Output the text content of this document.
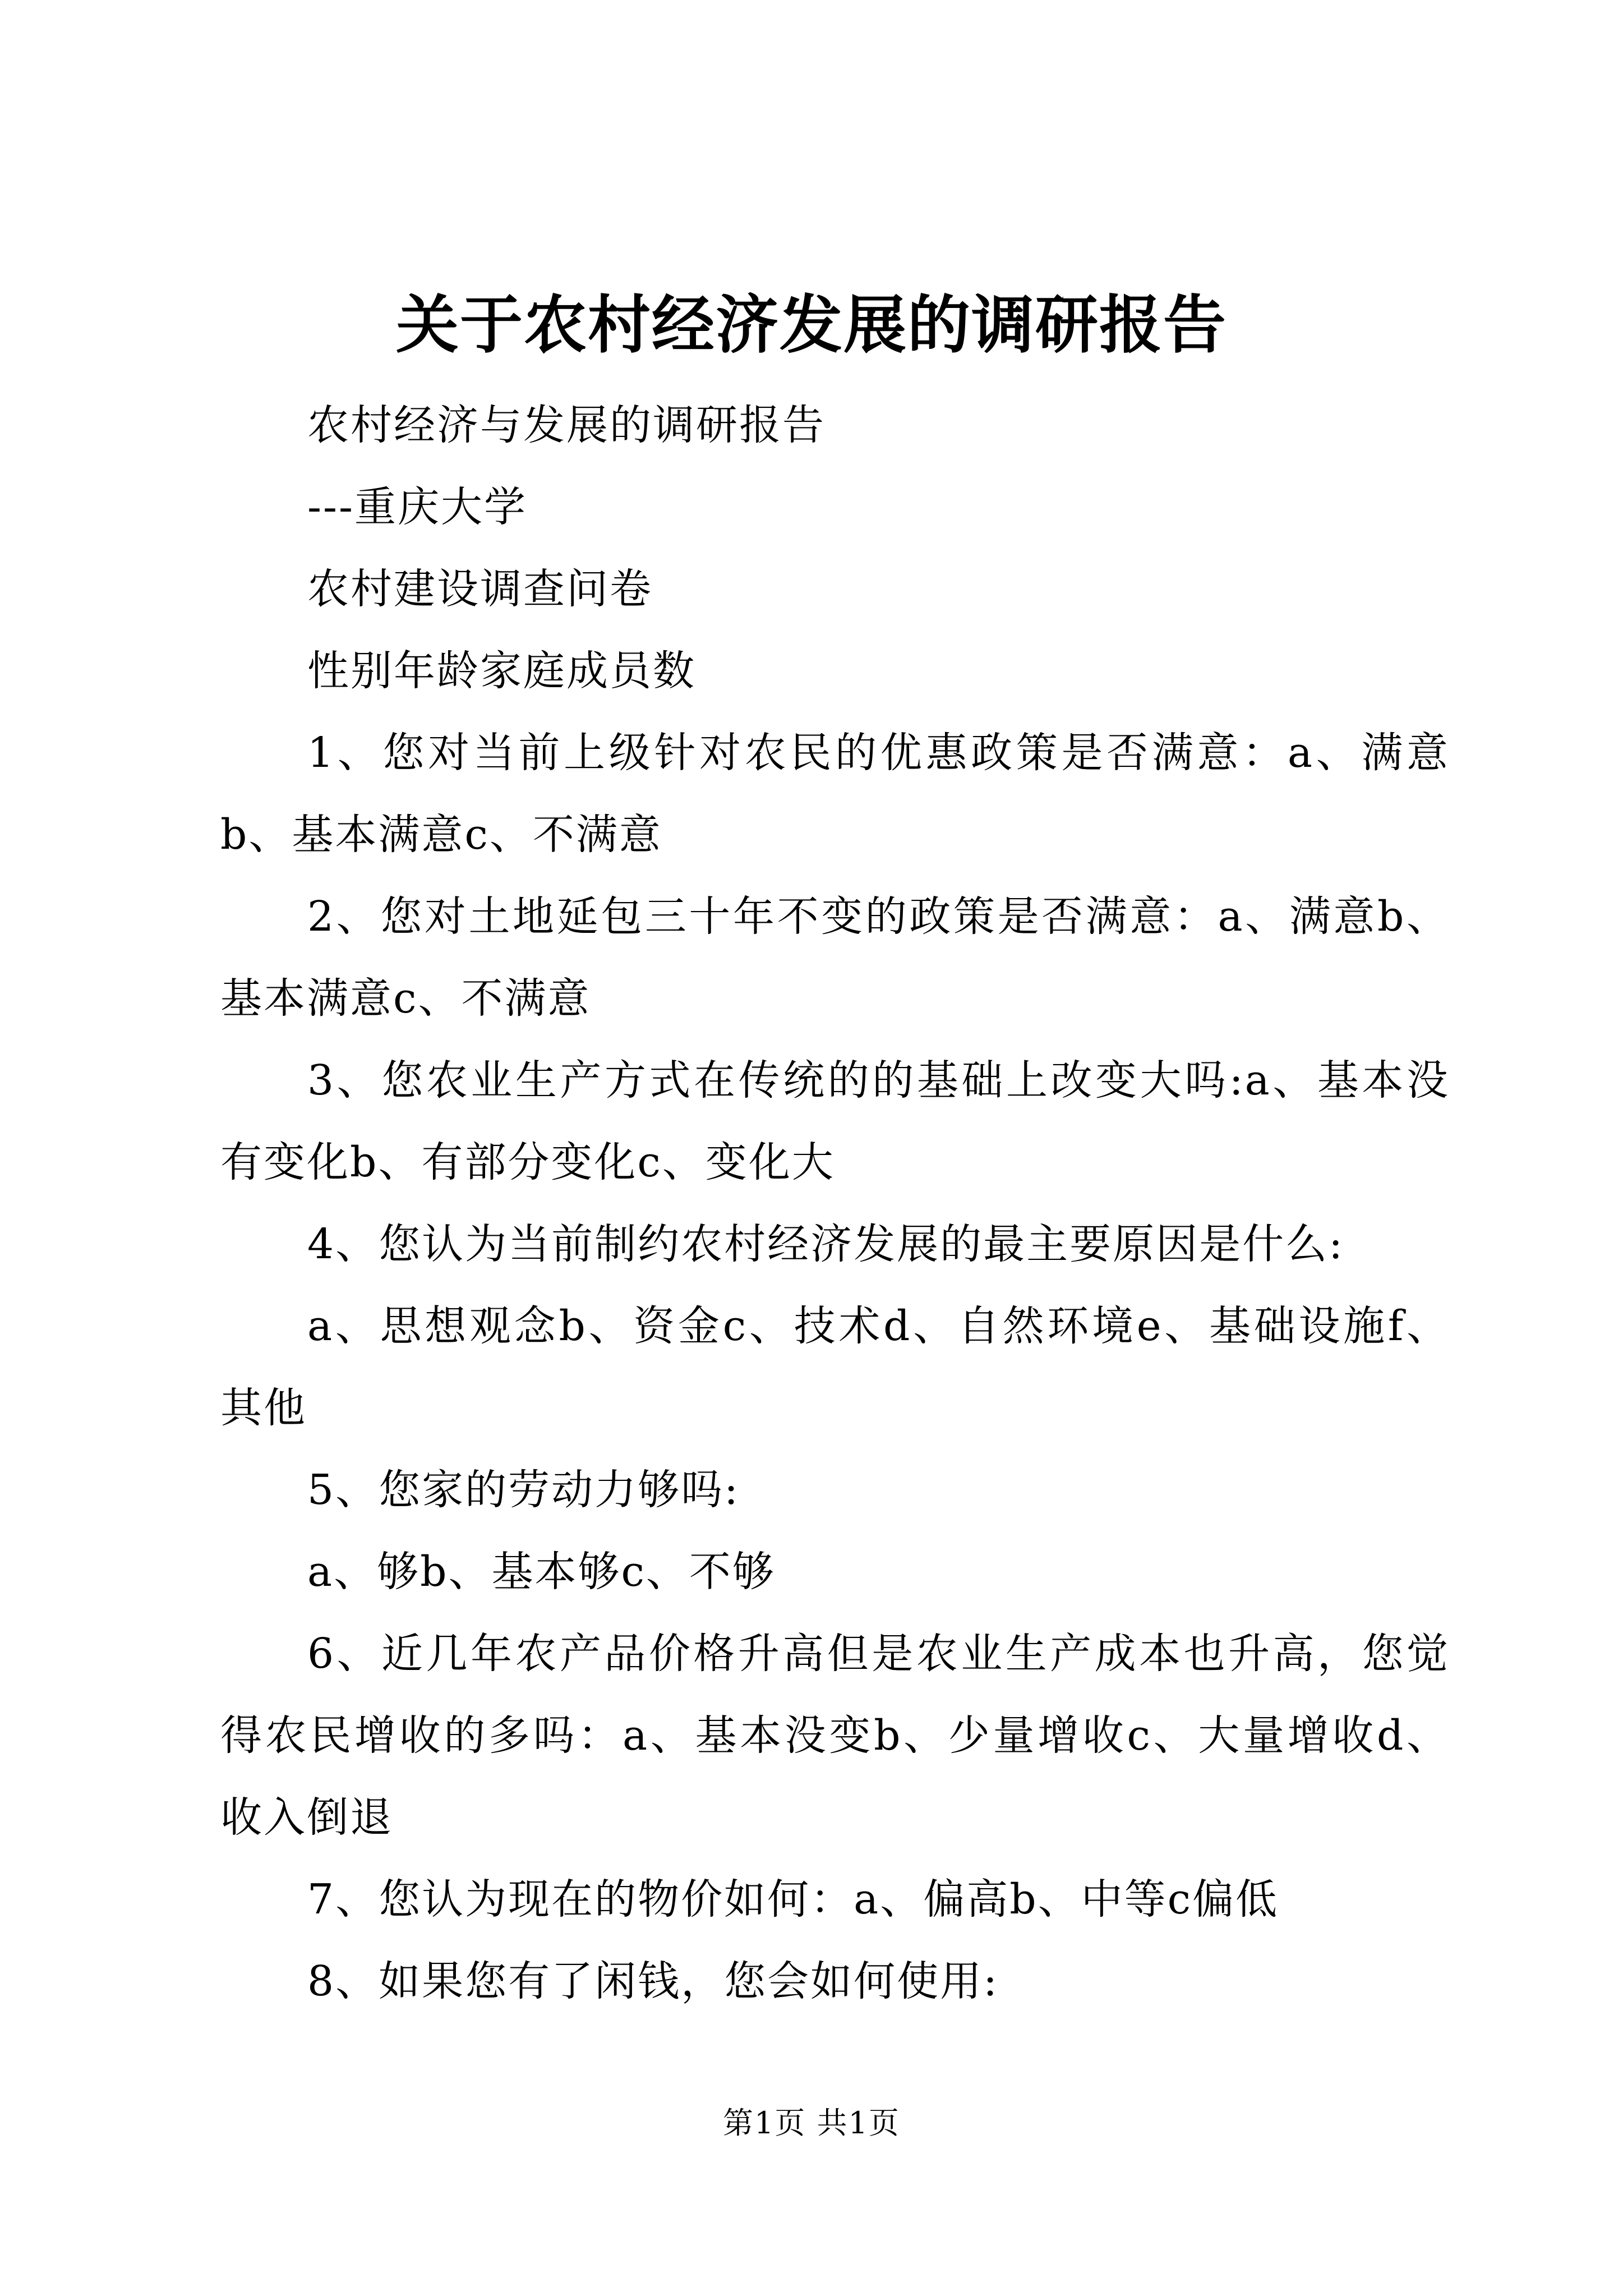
关于农村经济发展的调研报告

农村经济与发展的调研报告

---重庆大学

农村建设调查问卷

性别年龄家庭成员数

1、您对当前上级针对农民的优惠政策是否满意：a、满意b、基本满意c、不满意

2、您对土地延包三十年不变的政策是否满意：a、满意b、基本满意c、不满意

3、您农业生产方式在传统的的基础上改变大吗:a、基本没有变化b、有部分变化c、变化大

4、您认为当前制约农村经济发展的最主要原因是什么:

a、思想观念b、资金c、技术d、自然环境e、基础设施f、其他

5、您家的劳动力够吗:

a、够b、基本够c、不够

6、近几年农产品价格升高但是农业生产成本也升高，您觉得农民增收的多吗：a、基本没变b、少量增收c、大量增收d、收入倒退

7、您认为现在的物价如何：a、偏高b、中等c偏低

8、如果您有了闲钱，您会如何使用:

第1页 共1页
